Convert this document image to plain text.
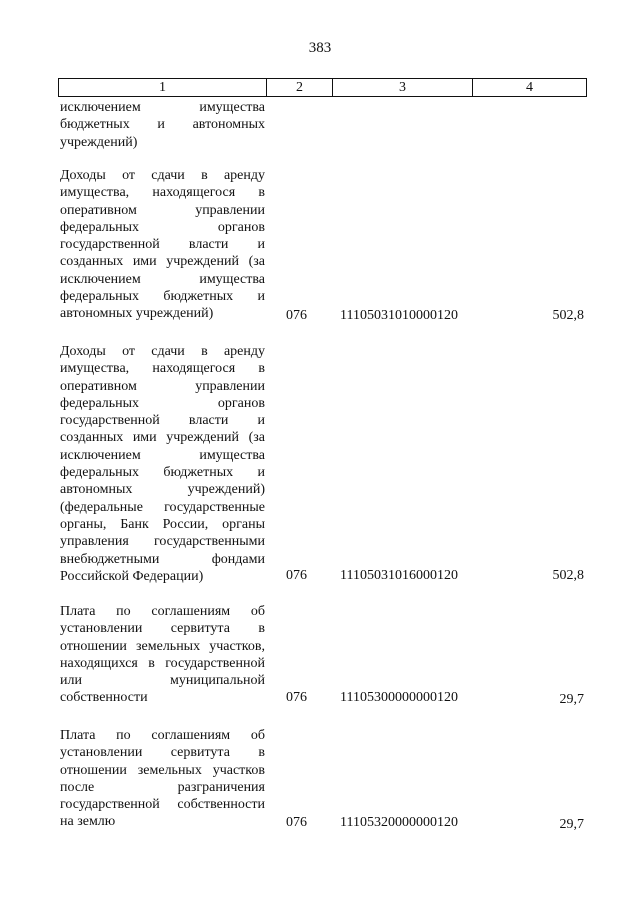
383
1	2	3	4
исключением имущества бюджетных и автономных учреждений)
Доходы от сдачи в аренду имущества, находящегося в оперативном управлении федеральных органов государственной власти и созданных ими учреждений (за исключением имущества федеральных бюджетных и автономных учреждений)	076	11105031010000120	502,8
Доходы от сдачи в аренду имущества, находящегося в оперативном управлении федеральных органов государственной власти и созданных ими учреждений (за исключением имущества федеральных бюджетных и автономных учреждений) (федеральные государственные органы, Банк России, органы управления государственными внебюджетными фондами Российской Федерации)	076	11105031016000120	502,8
Плата по соглашениям об установлении сервитута в отношении земельных участков, находящихся в государственной или муниципальной собственности	076	11105300000000120	29,7
Плата по соглашениям об установлении сервитута в отношении земельных участков после разграничения государственной собственности на землю	076	11105320000000120	29,7
